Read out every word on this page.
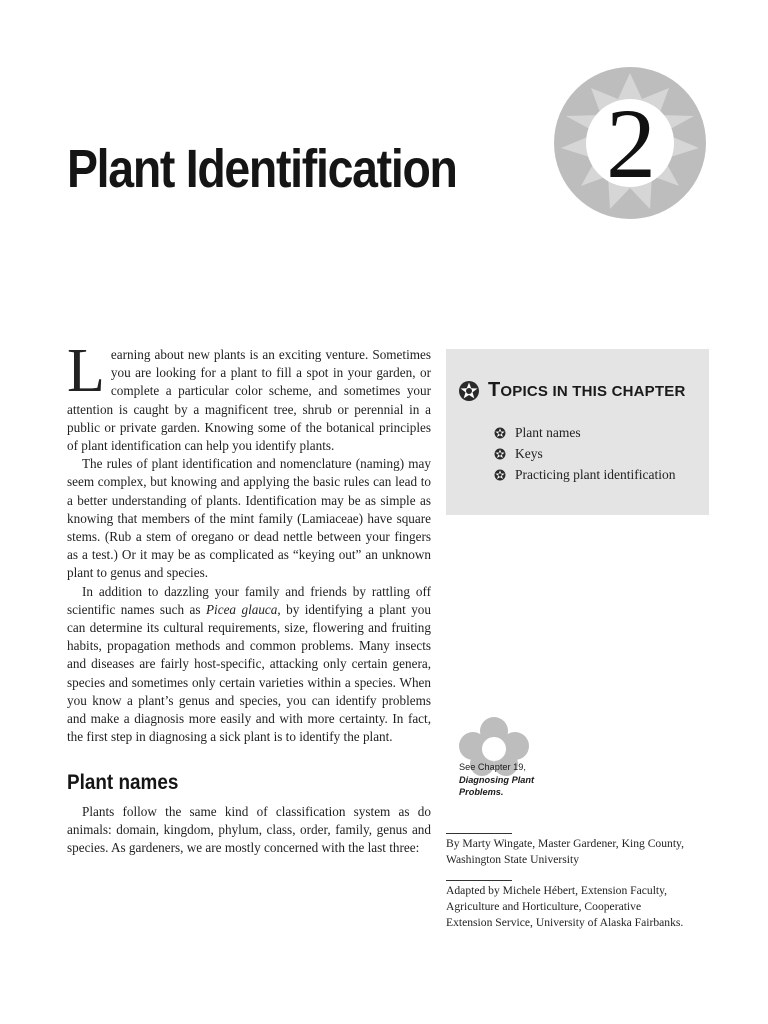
Plant Identification 2

Learning about new plants is an exciting venture. Sometimes you are looking for a plant to fill a spot in your garden, or complete a particular color scheme, and sometimes your attention is caught by a magnificent tree, shrub or perennial in a public or private garden. Knowing some of the botanical principles of plant identification can help you identify plants.

The rules of plant identification and nomenclature (naming) may seem complex, but knowing and applying the basic rules can lead to a better understanding of plants. Identification may be as simple as knowing that members of the mint family (Lamiaceae) have square stems. (Rub a stem of oregano or dead nettle between your fingers as a test.) Or it may be as complicated as “keying out” an unknown plant to genus and species.

In addition to dazzling your family and friends by rattling off scientific names such as Picea glauca, by identifying a plant you can determine its cultural requirements, size, flowering and fruiting habits, propagation methods and common problems. Many insects and diseases are fairly host-specific, attacking only certain genera, species and sometimes only certain varieties within a species. When you know a plant’s genus and species, you can identify problems and make a diagnosis more easily and with more certainty. In fact, the first step in diagnosing a sick plant is to identify the plant.

Plant names

Plants follow the same kind of classification system as do animals: domain, kingdom, phylum, class, order, family, genus and species. As gardeners, we are mostly concerned with the last three:

TOPICS IN THIS CHAPTER
Plant names
Keys
Practicing plant identification
See Chapter 19,
Diagnosing Plant
Problems.
By Marty Wingate, Master Gardener, King County, Washington State University
Adapted by Michele Hébert, Extension Faculty, Agriculture and Horticulture, Cooperative Extension Service, University of Alaska Fairbanks.
